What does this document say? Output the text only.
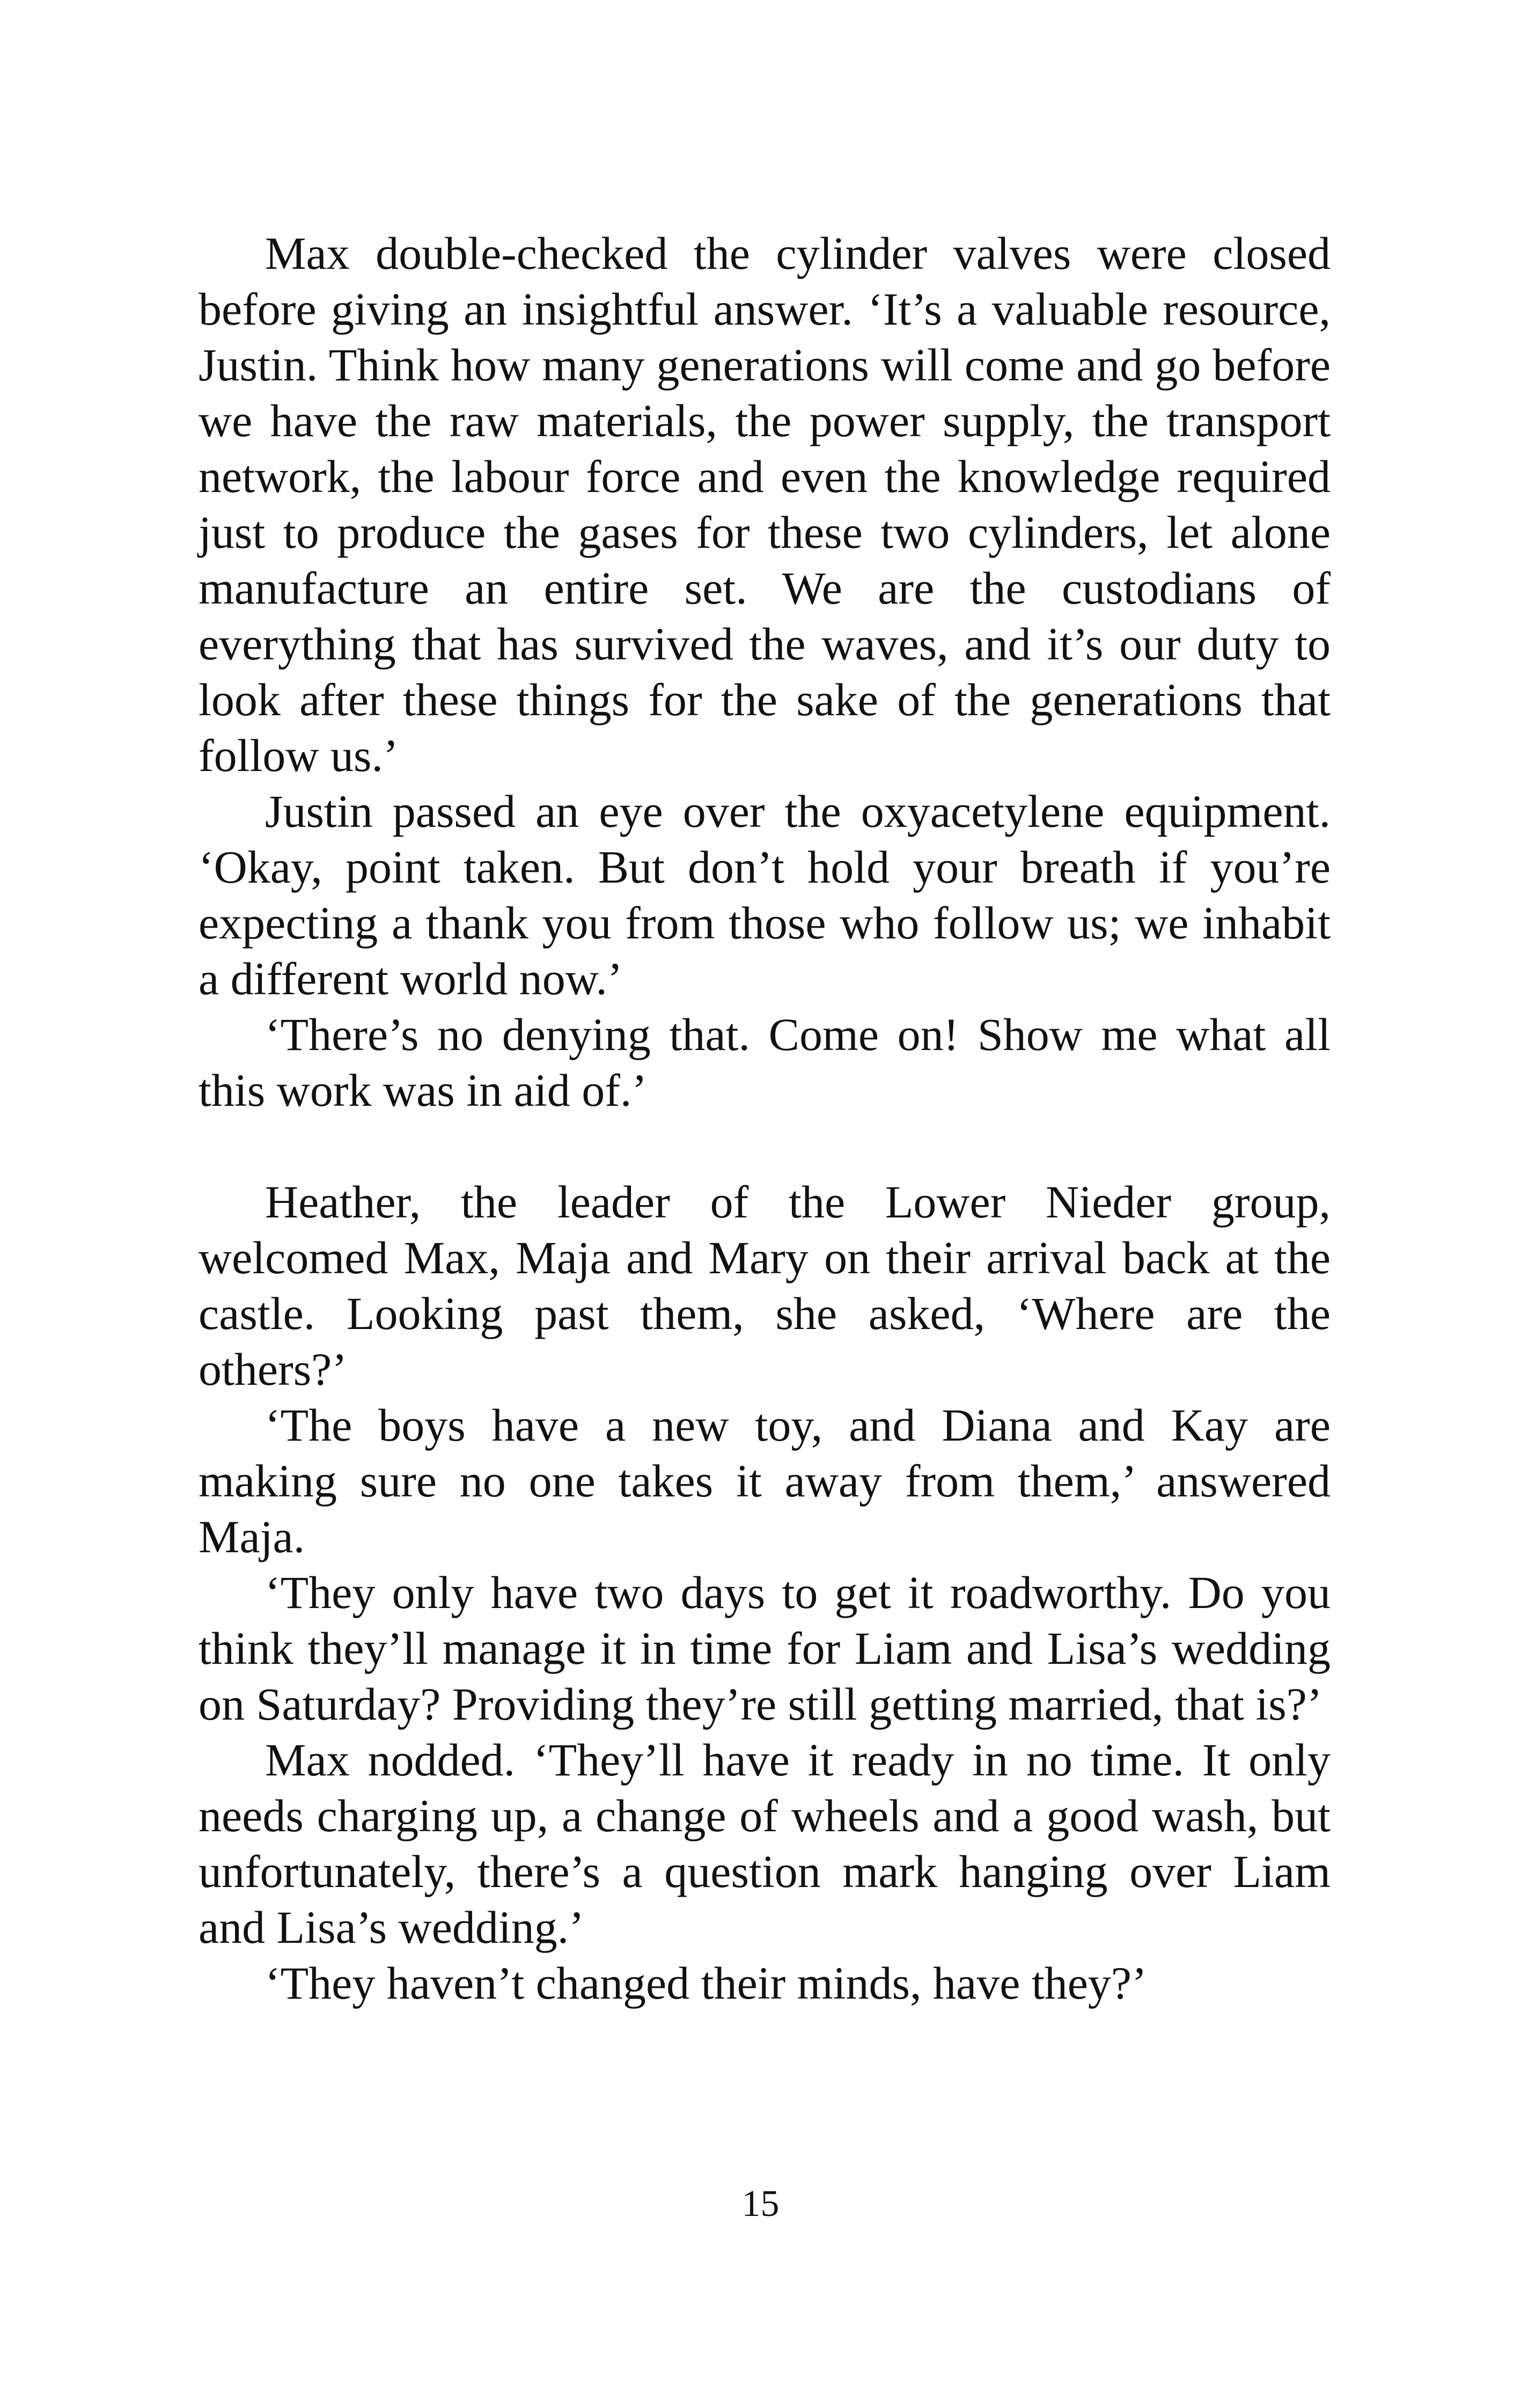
Max double-checked the cylinder valves were closed before giving an insightful answer. ‘It’s a valuable resource, Justin. Think how many generations will come and go before we have the raw materials, the power supply, the transport network, the labour force and even the knowledge required just to produce the gases for these two cylinders, let alone manufacture an entire set. We are the custodians of everything that has survived the waves, and it’s our duty to look after these things for the sake of the generations that follow us.’

Justin passed an eye over the oxyacetylene equipment. ‘Okay, point taken. But don’t hold your breath if you’re expecting a thank you from those who follow us; we inhabit a different world now.’

‘There’s no denying that. Come on! Show me what all this work was in aid of.’

Heather, the leader of the Lower Nieder group, welcomed Max, Maja and Mary on their arrival back at the castle. Looking past them, she asked, ‘Where are the others?’

‘The boys have a new toy, and Diana and Kay are making sure no one takes it away from them,’ answered Maja.

‘They only have two days to get it roadworthy. Do you think they’ll manage it in time for Liam and Lisa’s wedding on Saturday? Providing they’re still getting married, that is?’

Max nodded. ‘They’ll have it ready in no time. It only needs charging up, a change of wheels and a good wash, but unfortunately, there’s a question mark hanging over Liam and Lisa’s wedding.’

‘They haven’t changed their minds, have they?’

15
